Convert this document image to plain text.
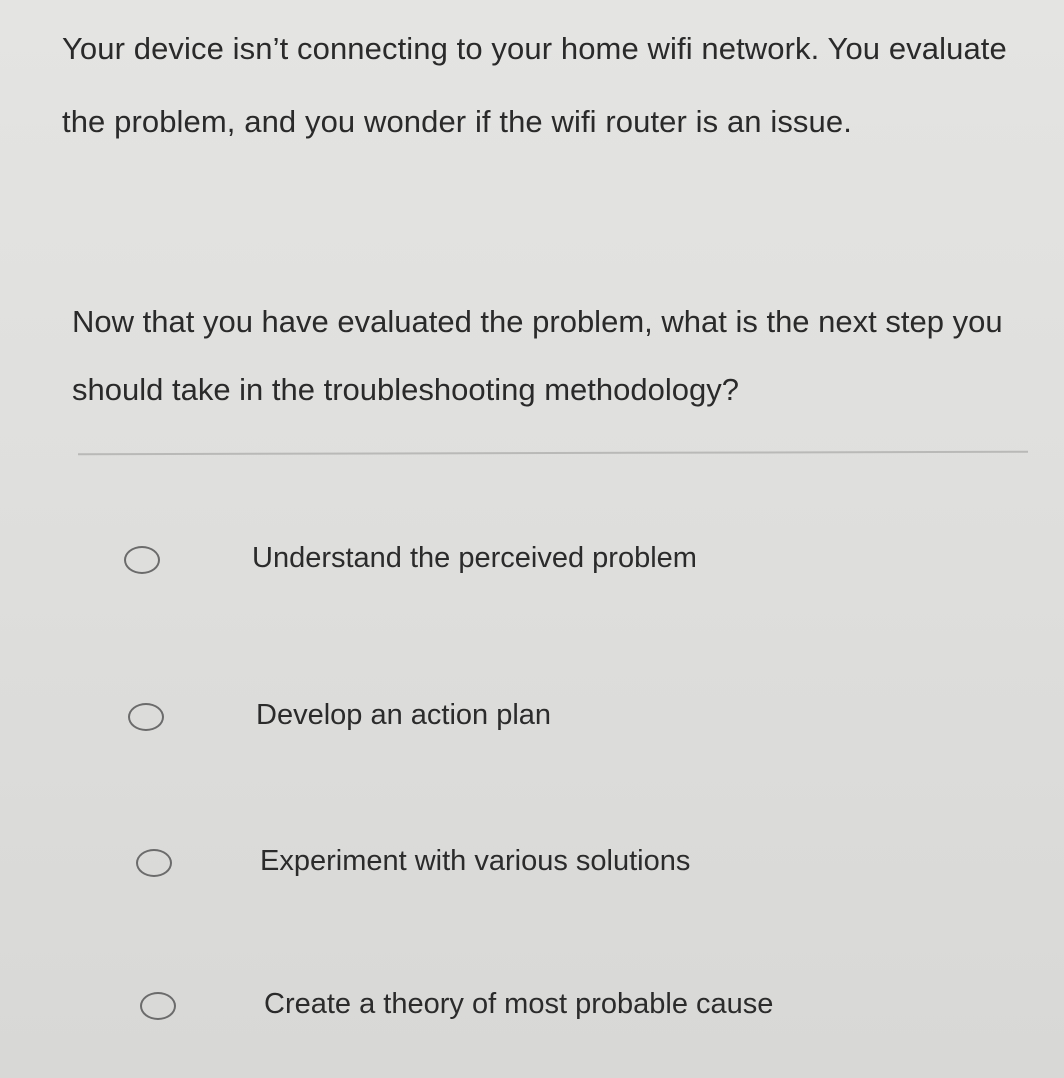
Your device isn’t connecting to your home wifi network. You evaluate the problem, and you wonder if the wifi router is an issue.
Now that you have evaluated the problem, what is the next step you should take in the troubleshooting methodology?
Understand the perceived problem
Develop an action plan
Experiment with various solutions
Create a theory of most probable cause
